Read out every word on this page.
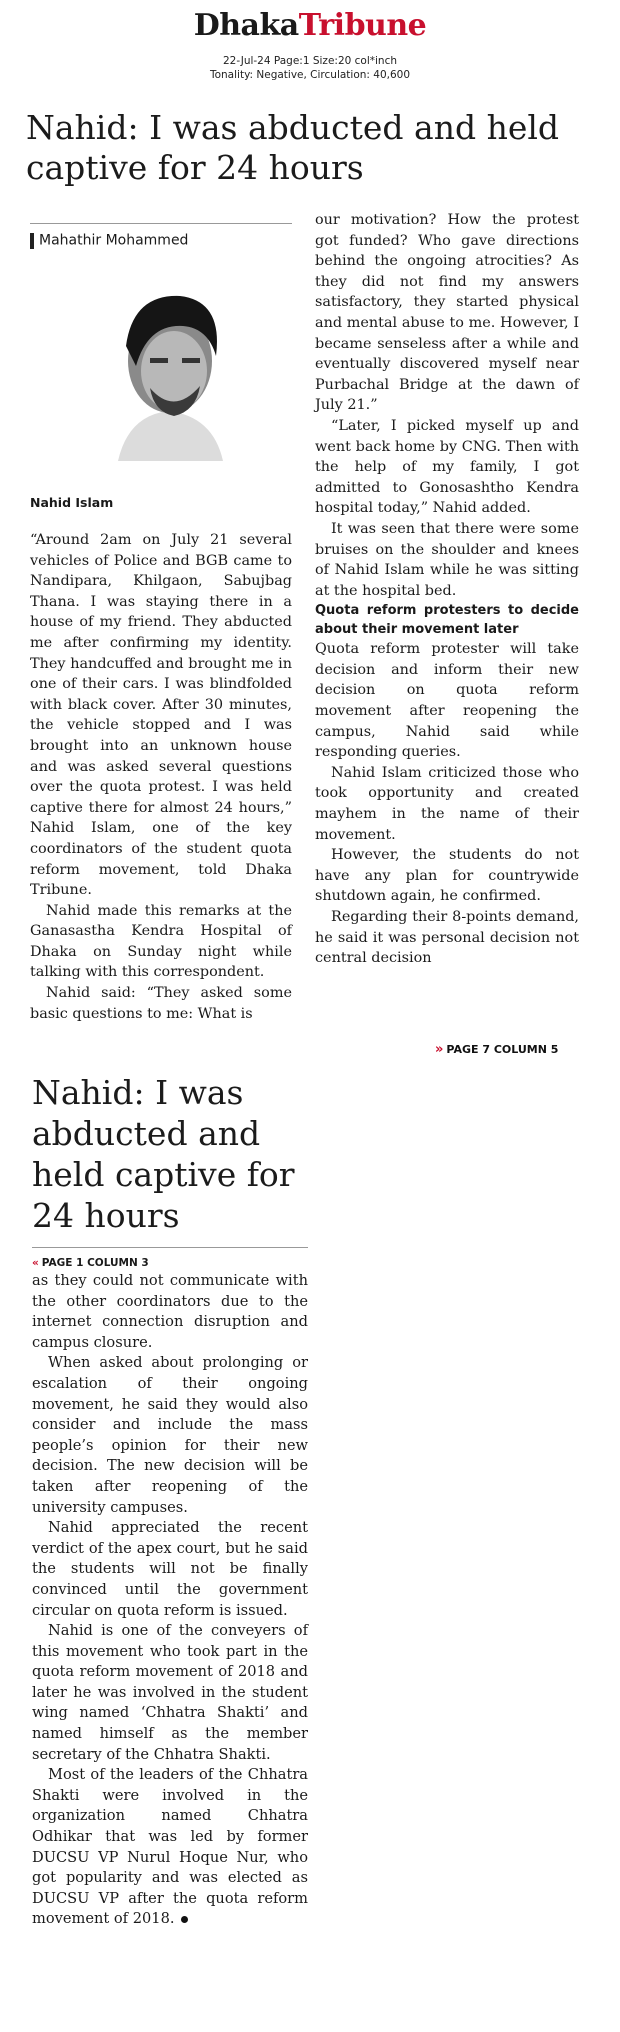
DhakaTribune
22-Jul-24 Page:1 Size:20 col*inch
Tonality: Negative, Circulation: 40,600
Nahid: I was abducted and held captive for 24 hours
Mahathir Mohammed
Nahid Islam

“Around 2am on July 21 several vehicles of Police and BGB came to Nandipara, Khilgaon, Sabujbag Thana. I was staying there in a house of my friend. They abducted me after confirming my identity. They handcuffed and brought me in one of their cars. I was blindfolded with black cover. After 30 minutes, the vehicle stopped and I was brought into an unknown house and was asked several questions over the quota protest. I was held captive there for almost 24 hours,” Nahid Islam, one of the key coordinators of the student quota reform movement, told Dhaka Tribune.

Nahid made this remarks at the Ganasastha Kendra Hospital of Dhaka on Sunday night while talking with this correspondent.

Nahid said: “They asked some basic questions to me: What is

our motivation? How the protest got funded? Who gave directions behind the ongoing atrocities? As they did not find my answers satisfactory, they started physical and mental abuse to me. However, I became senseless after a while and eventually discovered myself near Purbachal Bridge at the dawn of July 21.”

“Later, I picked myself up and went back home by CNG. Then with the help of my family, I got admitted to Gonosashtho Kendra hospital today,” Nahid added.

It was seen that there were some bruises on the shoulder and knees of Nahid Islam while he was sitting at the hospital bed.

Quota reform protesters to decide about their movement later

Quota reform protester will take decision and inform their new decision on quota reform movement after reopening the campus, Nahid said while responding queries.

Nahid Islam criticized those who took opportunity and created mayhem in the name of their movement.

However, the students do not have any plan for countrywide shutdown again, he confirmed.

Regarding their 8-points demand, he said it was personal decision not central decision

» PAGE 7 COLUMN 5
Nahid: I was abducted and held captive for 24 hours
« PAGE 1 COLUMN 3

as they could not communicate with the other coordinators due to the internet connection disruption and campus closure.

When asked about prolonging or escalation of their ongoing movement, he said they would also consider and include the mass people’s opinion for their new decision. The new decision will be taken after reopening of the university campuses.

Nahid appreciated the recent verdict of the apex court, but he said the students will not be finally convinced until the government circular on quota reform is issued.

Nahid is one of the conveyers of this movement who took part in the quota reform movement of 2018 and later he was involved in the student wing named ‘Chhatra Shakti’ and named himself as the member secretary of the Chhatra Shakti.

Most of the leaders of the Chhatra Shakti were involved in the organization named Chhatra Odhikar that was led by former DUCSU VP Nurul Hoque Nur, who got popularity and was elected as DUCSU VP after the quota reform movement of 2018.
